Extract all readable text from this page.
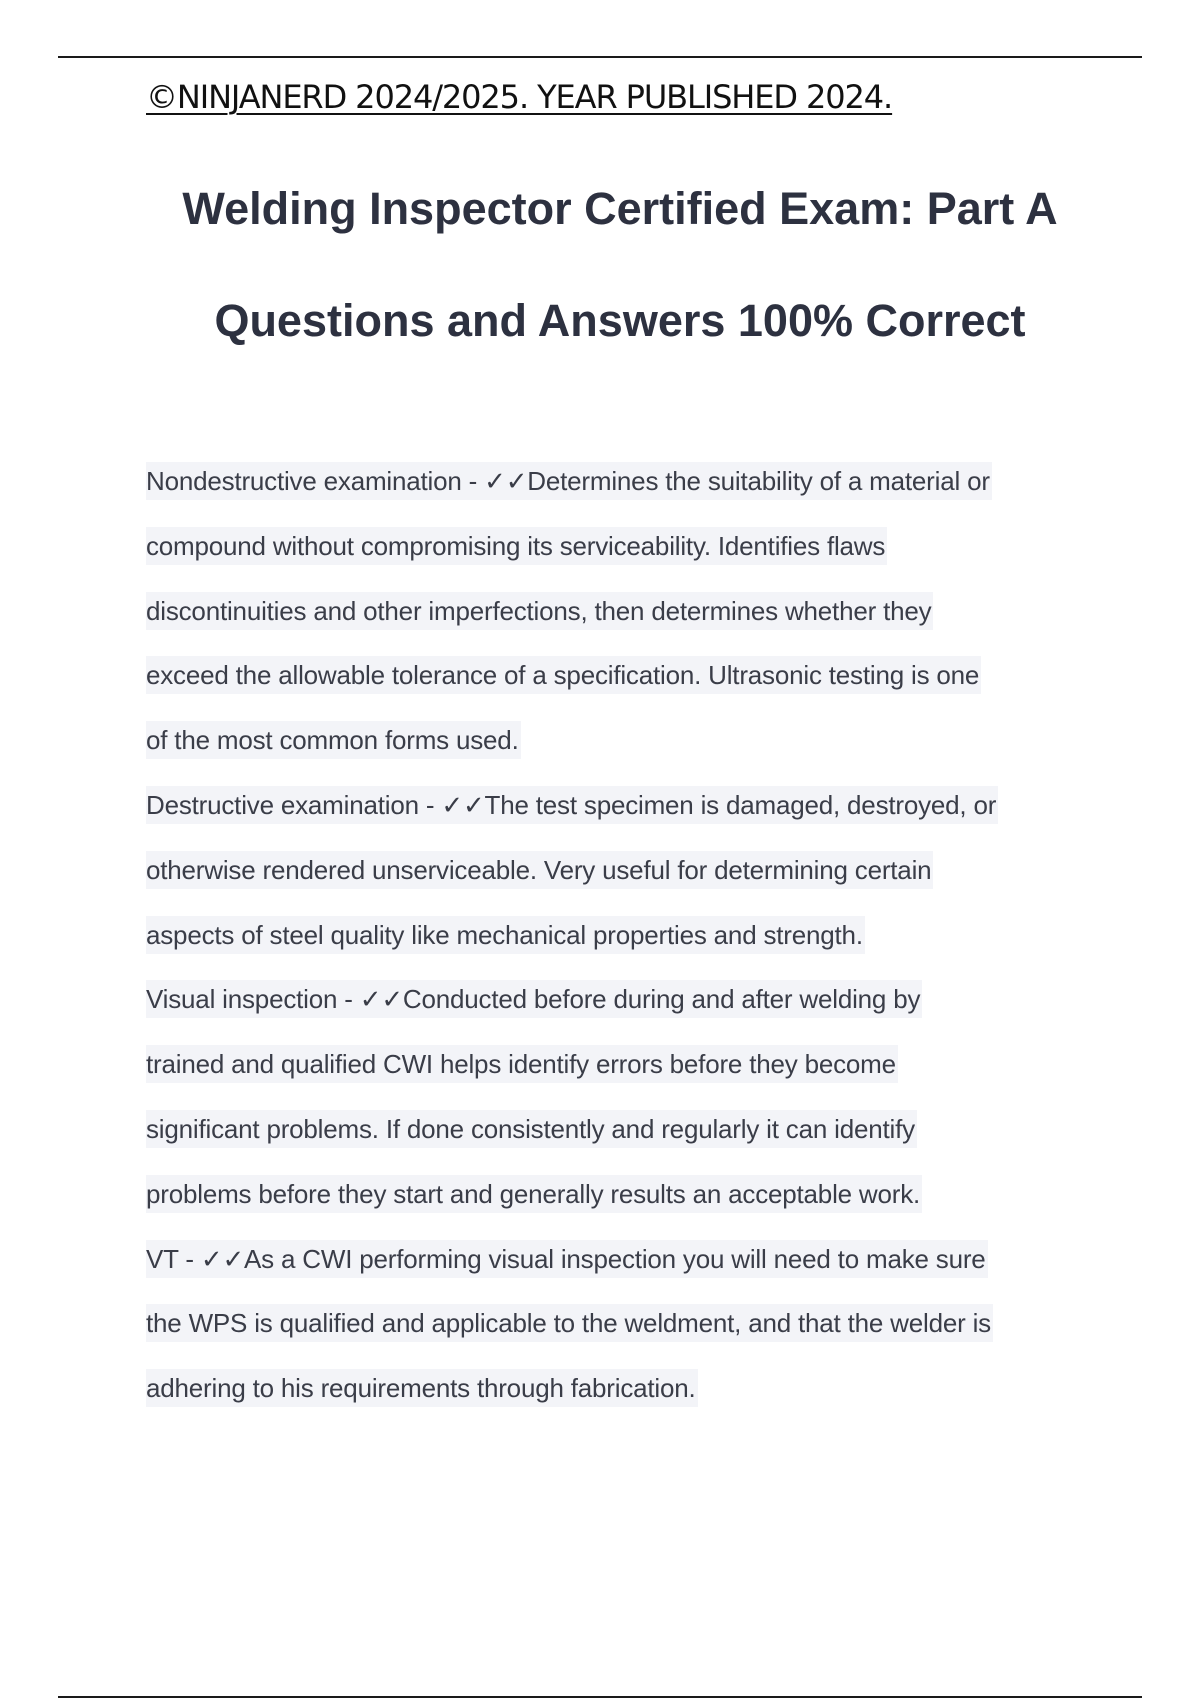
©NINJANERD 2024/2025. YEAR PUBLISHED 2024.
Welding Inspector Certified Exam: Part A
Questions and Answers 100% Correct
Nondestructive examination - ✓✓Determines the suitability of a material or
compound without compromising its serviceability. Identifies flaws
discontinuities and other imperfections, then determines whether they
exceed the allowable tolerance of a specification. Ultrasonic testing is one
of the most common forms used.
Destructive examination - ✓✓The test specimen is damaged, destroyed, or
otherwise rendered unserviceable. Very useful for determining certain
aspects of steel quality like mechanical properties and strength.
Visual inspection - ✓✓Conducted before during and after welding by
trained and qualified CWI helps identify errors before they become
significant problems. If done consistently and regularly it can identify
problems before they start and generally results an acceptable work.
VT - ✓✓As a CWI performing visual inspection you will need to make sure
the WPS is qualified and applicable to the weldment, and that the welder is
adhering to his requirements through fabrication.
